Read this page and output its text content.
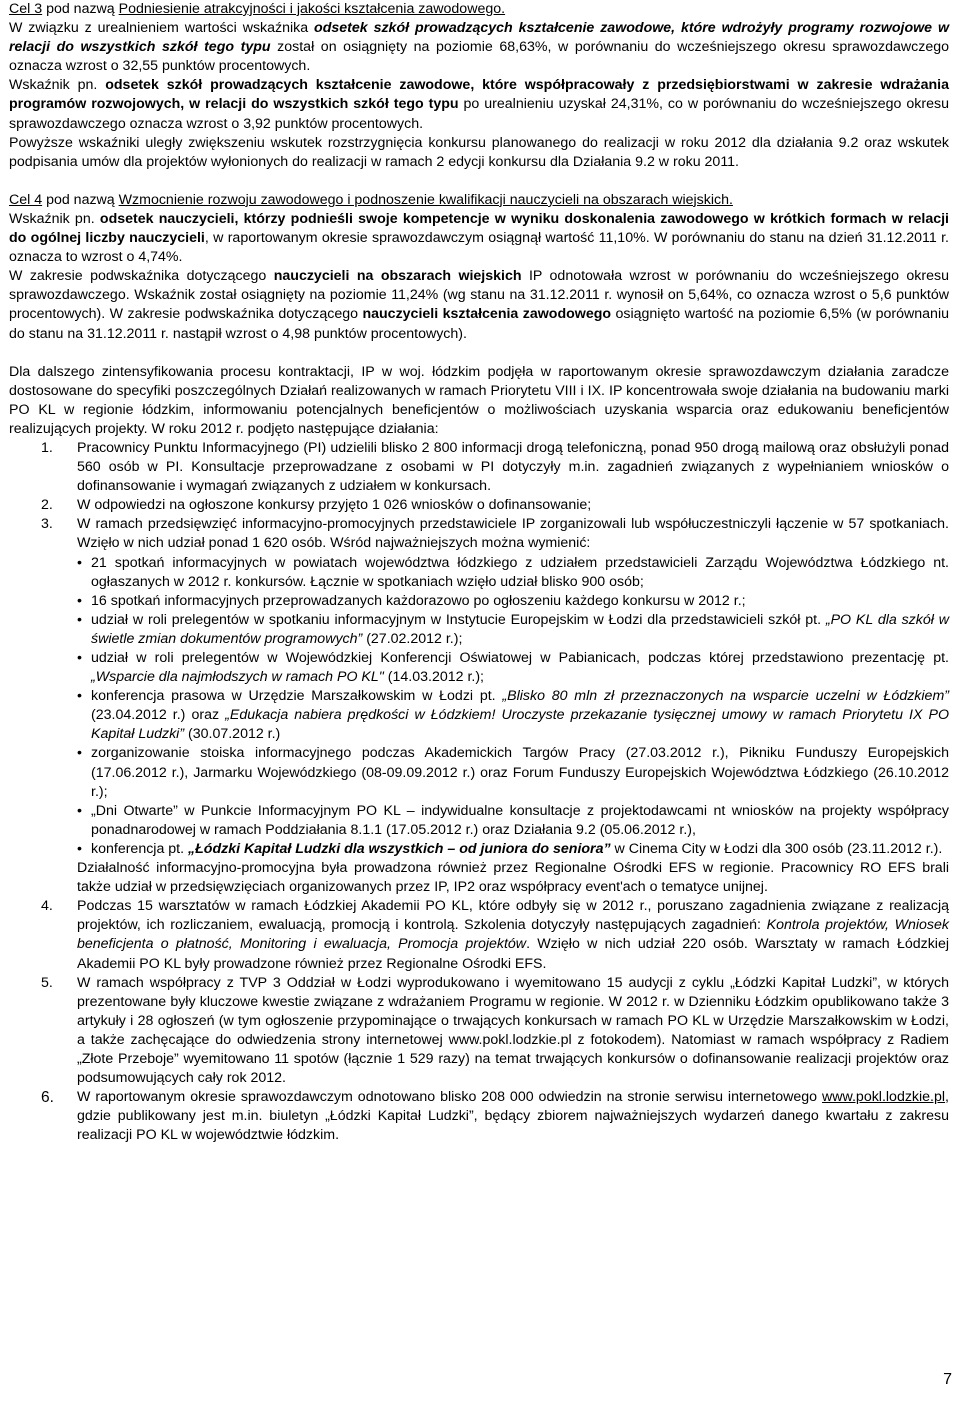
Cel 3 pod nazwą Podniesienie atrakcyjności i jakości kształcenia zawodowego.

W związku z urealnieniem wartości wskaźnika odsetek szkół prowadzących kształcenie zawodowe, które wdrożyły programy rozwojowe w relacji do wszystkich szkół tego typu został on osiągnięty na poziomie 68,63%, w porównaniu do wcześniejszego okresu sprawozdawczego oznacza wzrost o 32,55 punktów procentowych.

Wskaźnik pn. odsetek szkół prowadzących kształcenie zawodowe, które współpracowały z przedsiębiorstwami w zakresie wdrażania programów rozwojowych, w relacji do wszystkich szkół tego typu po urealnieniu uzyskał 24,31%, co w porównaniu do wcześniejszego okresu sprawozdawczego oznacza wzrost o 3,92 punktów procentowych.

Powyższe wskaźniki uległy zwiększeniu wskutek rozstrzygnięcia konkursu planowanego do realizacji w roku 2012 dla działania 9.2 oraz wskutek podpisania umów dla projektów wyłonionych do realizacji w ramach 2 edycji konkursu dla Działania 9.2 w roku 2011.

Cel 4 pod nazwą Wzmocnienie rozwoju zawodowego i podnoszenie kwalifikacji nauczycieli na obszarach wiejskich.

Wskaźnik pn. odsetek nauczycieli, którzy podnieśli swoje kompetencje w wyniku doskonalenia zawodowego w krótkich formach w relacji do ogólnej liczby nauczycieli, w raportowanym okresie sprawozdawczym osiągnął wartość 11,10%. W porównaniu do stanu na dzień 31.12.2011 r. oznacza to wzrost o 4,74%.

W zakresie podwskaźnika dotyczącego nauczycieli na obszarach wiejskich IP odnotowała wzrost w porównaniu do wcześniejszego okresu sprawozdawczego. Wskaźnik został osiągnięty na poziomie 11,24% (wg stanu na 31.12.2011 r. wynosił on 5,64%, co oznacza wzrost o 5,6 punktów procentowych). W zakresie podwskaźnika dotyczącego nauczycieli kształcenia zawodowego osiągnięto wartość na poziomie 6,5% (w porównaniu do stanu na 31.12.2011 r. nastąpił wzrost o 4,98 punktów procentowych).

Dla dalszego zintensyfikowania procesu kontraktacji, IP w woj. łódzkim podjęła w raportowanym okresie sprawozdawczym działania zaradcze dostosowane do specyfiki poszczególnych Działań realizowanych w ramach Priorytetu VIII i IX. IP koncentrowała swoje działania na budowaniu marki PO KL w regionie łódzkim, informowaniu potencjalnych beneficjentów o możliwościach uzyskania wsparcia oraz edukowaniu beneficjentów realizujących projekty. W roku 2012 r. podjęto następujące działania:

1. Pracownicy Punktu Informacyjnego (PI) udzielili blisko 2 800 informacji drogą telefoniczną, ponad 950 drogą mailową oraz obsłużyli ponad 560 osób w PI. Konsultacje przeprowadzane z osobami w PI dotyczyły m.in. zagadnień związanych z wypełnianiem wniosków o dofinansowanie i wymagań związanych z udziałem w konkursach.
2. W odpowiedzi na ogłoszone konkursy przyjęto 1 026 wniosków o dofinansowanie;
3. W ramach przedsięwzięć informacyjno-promocyjnych przedstawiciele IP zorganizowali lub współuczestniczyli łączenie w 57 spotkaniach. Wzięło w nich udział ponad 1 620 osób. Wśród najważniejszych można wymienić:
• 21 spotkań informacyjnych w powiatach województwa łódzkiego z udziałem przedstawicieli Zarządu Województwa Łódzkiego nt. ogłaszanych w 2012 r. konkursów. Łącznie w spotkaniach wzięło udział blisko 900 osób;
• 16 spotkań informacyjnych przeprowadzanych każdorazowo po ogłoszeniu każdego konkursu w 2012 r.;
• udział w roli prelegentów w spotkaniu informacyjnym w Instytucie Europejskim w Łodzi dla przedstawicieli szkół pt. „PO KL dla szkół w świetle zmian dokumentów programowych” (27.02.2012 r.);
• udział w roli prelegentów w Wojewódzkiej Konferencji Oświatowej w Pabianicach, podczas której przedstawiono prezentację pt. „Wsparcie dla najmłodszych w ramach PO KL" (14.03.2012 r.);
• konferencja prasowa w Urzędzie Marszałkowskim w Łodzi pt. „Blisko 80 mln zł przeznaczonych na wsparcie uczelni w Łódzkiem” (23.04.2012 r.) oraz „Edukacja nabiera prędkości w Łódzkiem! Uroczyste przekazanie tysięcznej umowy w ramach Priorytetu IX PO Kapitał Ludzki” (30.07.2012 r.)
• zorganizowanie stoiska informacyjnego podczas Akademickich Targów Pracy (27.03.2012 r.), Pikniku Funduszy Europejskich (17.06.2012 r.), Jarmarku Wojewódzkiego (08-09.09.2012 r.) oraz Forum Funduszy Europejskich Województwa Łódzkiego (26.10.2012 r.);
• „Dni Otwarte” w Punkcie Informacyjnym PO KL – indywidualne konsultacje z projektodawcami nt wniosków na projekty współpracy ponadnarodowej w ramach Poddziałania 8.1.1 (17.05.2012 r.) oraz Działania 9.2 (05.06.2012 r.),
• konferencja pt. „Łódzki Kapitał Ludzki dla wszystkich – od juniora do seniora” w Cinema City w Łodzi dla 300 osób (23.11.2012 r.).

Działalność informacyjno-promocyjna była prowadzona również przez Regionalne Ośrodki EFS w regionie. Pracownicy RO EFS brali także udział w przedsięwzięciach organizowanych przez IP, IP2 oraz współpracy event'ach o tematyce unijnej.

4. Podczas 15 warsztatów w ramach Łódzkiej Akademii PO KL, które odbyły się w 2012 r., poruszano zagadnienia związane z realizacją projektów, ich rozliczaniem, ewaluacją, promocją i kontrolą. Szkolenia dotyczyły następujących zagadnień: Kontrola projektów, Wniosek beneficjenta o płatność, Monitoring i ewaluacja, Promocja projektów. Wzięło w nich udział 220 osób. Warsztaty w ramach Łódzkiej Akademii PO KL były prowadzone również przez Regionalne Ośrodki EFS.
5. W ramach współpracy z TVP 3 Oddział w Łodzi wyprodukowano i wyemitowano 15 audycji z cyklu „Łódzki Kapitał Ludzki”, w których prezentowane były kluczowe kwestie związane z wdrażaniem Programu w regionie. W 2012 r. w Dzienniku Łódzkim opublikowano także 3 artykuły i 28 ogłoszeń (w tym ogłoszenie przypominające o trwających konkursach w ramach PO KL w Urzędzie Marszałkowskim w Łodzi, a także zachęcające do odwiedzenia strony internetowej www.pokl.lodzkie.pl z fotokodem). Natomiast w ramach współpracy z Radiem „Złote Przeboje” wyemitowano 11 spotów (łącznie 1 529 razy) na temat trwających konkursów o dofinansowanie realizacji projektów oraz podsumowujących cały rok 2012.
6. W raportowanym okresie sprawozdawczym odnotowano blisko 208 000 odwiedzin na stronie serwisu internetowego www.pokl.lodzkie.pl, gdzie publikowany jest m.in. biuletyn „Łódzki Kapitał Ludzki”, będący zbiorem najważniejszych wydarzeń danego kwartału z zakresu realizacji PO KL w województwie łódzkim.
7
